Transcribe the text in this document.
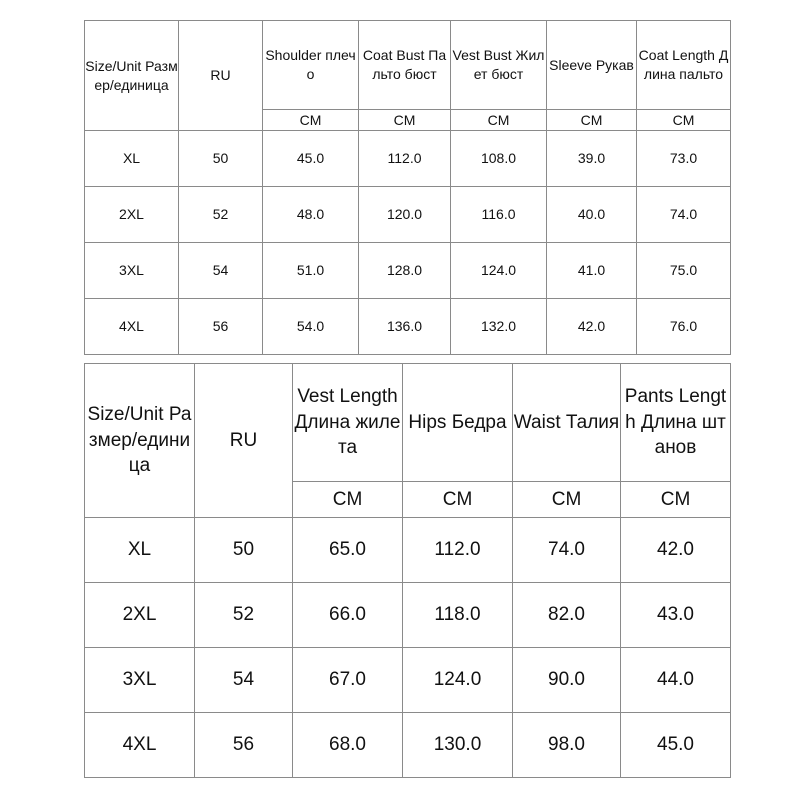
Size/Unit Размер/единица	RU	Shoulder плечо	Coat Bust Пальто бюст	Vest Bust Жилет бюст	Sleeve Рукав	Coat Length Длина пальто
		CM	CM	CM	CM	CM
XL	50	45.0	112.0	108.0	39.0	73.0
2XL	52	48.0	120.0	116.0	40.0	74.0
3XL	54	51.0	128.0	124.0	41.0	75.0
4XL	56	54.0	136.0	132.0	42.0	76.0
Size/Unit Размер/единица	RU	Vest Length Длина жилета	Hips Бедра	Waist Талия	Pants Length Длина штанов
		CM	CM	CM	CM
XL	50	65.0	112.0	74.0	42.0
2XL	52	66.0	118.0	82.0	43.0
3XL	54	67.0	124.0	90.0	44.0
4XL	56	68.0	130.0	98.0	45.0
